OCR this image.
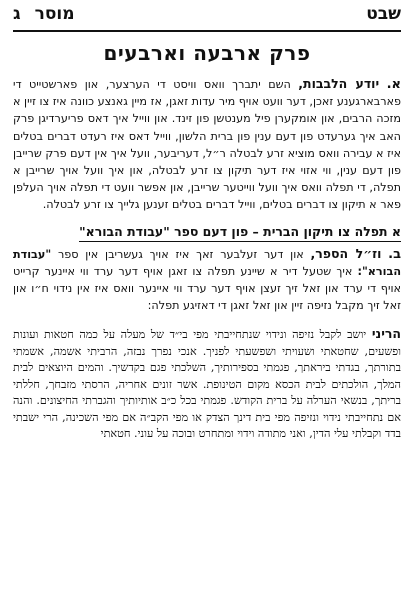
שבט
מוסר
ג
פרק ארבעה וארבעים

א. יודע הלבבות, השם יתברך וואס וויסט די הערצער, און פארשטייט די פארבארגענע זאכן, דער וועט אויף מיר עדות זאגן, אז מיין גאנצע כוונה איז צו זיין א מזכה הרבים, און אומקערן פיל מענטשן פון זינד. און ווייל איך דאס פריערדיגן פרק האב איך גערעדט פון דעם ענין פון ברית הלשון, ווייל דאס איז רעדט דברים בטלים איז א עבירה וואס מוציא זרע לבטלה ר״ל, דעריבער, וועל איך אין דעם פרק שרייבן פון דעם ענין, ווי אזוי איז דער תיקון צו זרע לבטלה, און איך וועל אויך שרייבן א תפלה, די תפלה וואס איך וועל ווייטער שרייבן, און אפשר וועט די תפלה אויך העלפן פאר א תיקון צו דברים בטלים, ווייל דברים בטלים זענען גלייך צו זרע לבטלה.

א תפלה צו תיקון הברית – פון דעם ספר "עבודת הבורא"

ב. וז״ל הספר, און דער זעלבער זאך איז אויך געשריבן אין ספר "עבודת הבורא": איך שטעל דיר א שיינע תפלה צו זאגן אויף דער ערד ווי איינער קרייט אויף די ערד און זאל זיך זעצן אויף דער ערד ווי איינער וואס איז אין נידוי ח״ו און זאל זיך מקבל נזיפה זיין און זאל זאגן די דאזיגע תפלה:

הריני יושב לקבל נזיפה ונידוי שנתחייבתי מפי בי״ד של מעלה על כמה חטאות ועונות ופשעים, שחטאתי ושעויתי ושפשעתי לפניך. אנכי נפרך נבזה, הרביתי אשמה, אשמתי בתורתך, בגדתי ביראתך, פגמתי בספירותיך, השלכתי פגם בקדשיך. והמים היוצאים לבית המלך, הולכתים לבית הכסא מקום הטינופת. אשר זונים אחריה, הרסתי מזבחך, חללתי בריתך, בנשאי הערלה על ברית הקודש. פגמתי בכל כ״ב אותיותיך והגברתי החיצונים. והנה אם נתחייבתי נידוי ונזיפה מפי בית דינך הצדק או מפי הקב״ה אם מפי השכינה, הרי ישבתי בדד וקבלתי עלי הדין, ואני מתודה וידוי ומתחרט ובוכה על עוני. חטאתי
